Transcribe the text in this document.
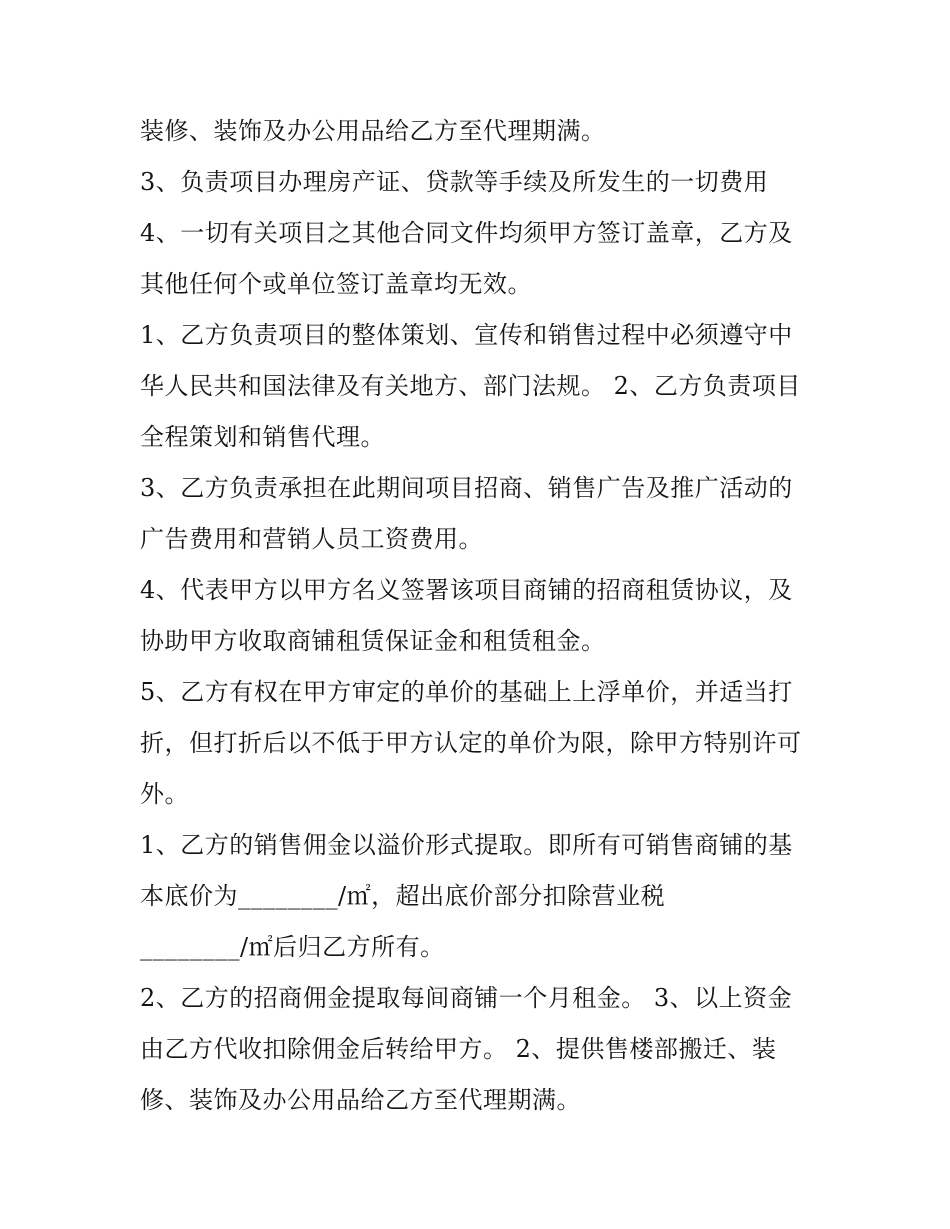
装修、装饰及办公用品给乙方至代理期满。
3、负责项目办理房产证、贷款等手续及所发生的一切费用
4、一切有关项目之其他合同文件均须甲方签订盖章，乙方及
其他任何个或单位签订盖章均无效。
1、乙方负责项目的整体策划、宣传和销售过程中必须遵守中
华人民共和国法律及有关地方、部门法规。 2、乙方负责项目
全程策划和销售代理。
3、乙方负责承担在此期间项目招商、销售广告及推广活动的
广告费用和营销人员工资费用。
4、代表甲方以甲方名义签署该项目商铺的招商租赁协议，及
协助甲方收取商铺租赁保证金和租赁租金。
5、乙方有权在甲方审定的单价的基础上上浮单价，并适当打
折，但打折后以不低于甲方认定的单价为限，除甲方特别许可
外。
1、乙方的销售佣金以溢价形式提取。即所有可销售商铺的基
本底价为________/㎡，超出底价部分扣除营业税
________/㎡后归乙方所有。
2、乙方的招商佣金提取每间商铺一个月租金。 3、以上资金
由乙方代收扣除佣金后转给甲方。 2、提供售楼部搬迁、装
修、装饰及办公用品给乙方至代理期满。
